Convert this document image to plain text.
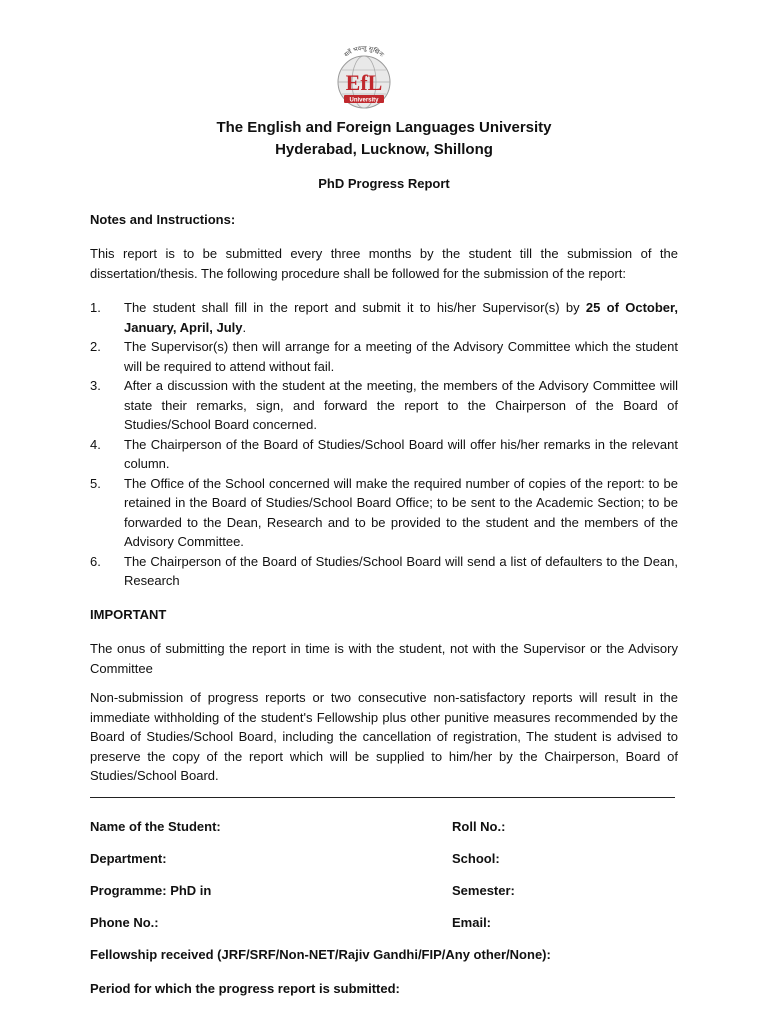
सर्वे भवन्तु सुखिनः
EfL
University
The English and Foreign Languages University
Hyderabad, Lucknow, Shillong
PhD Progress Report
Notes and Instructions:
This report is to be submitted every three months by the student till the submission of the dissertation/thesis. The following procedure shall be followed for the submission of the report:
1. The student shall fill in the report and submit it to his/her Supervisor(s) by 25 of October, January, April, July.
2. The Supervisor(s) then will arrange for a meeting of the Advisory Committee which the student will be required to attend without fail.
3. After a discussion with the student at the meeting, the members of the Advisory Committee will state their remarks, sign, and forward the report to the Chairperson of the Board of Studies/School Board concerned.
4. The Chairperson of the Board of Studies/School Board will offer his/her remarks in the relevant column.
5. The Office of the School concerned will make the required number of copies of the report: to be retained in the Board of Studies/School Board Office; to be sent to the Academic Section; to be forwarded to the Dean, Research and to be provided to the student and the members of the Advisory Committee.
6. The Chairperson of the Board of Studies/School Board will send a list of defaulters to the Dean, Research
IMPORTANT
The onus of submitting the report in time is with the student, not with the Supervisor or the Advisory Committee
Non-submission of progress reports or two consecutive non-satisfactory reports will result in the immediate withholding of the student's Fellowship plus other punitive measures recommended by the Board of Studies/School Board, including the cancellation of registration, The student is advised to preserve the copy of the report which will be supplied to him/her by the Chairperson, Board of Studies/School Board.
Name of the Student:	Roll No.:
Department:	School:
Programme: PhD in	Semester:
Phone No.:	Email:
Fellowship received (JRF/SRF/Non-NET/Rajiv Gandhi/FIP/Any other/None):
Period for which the progress report is submitted:
